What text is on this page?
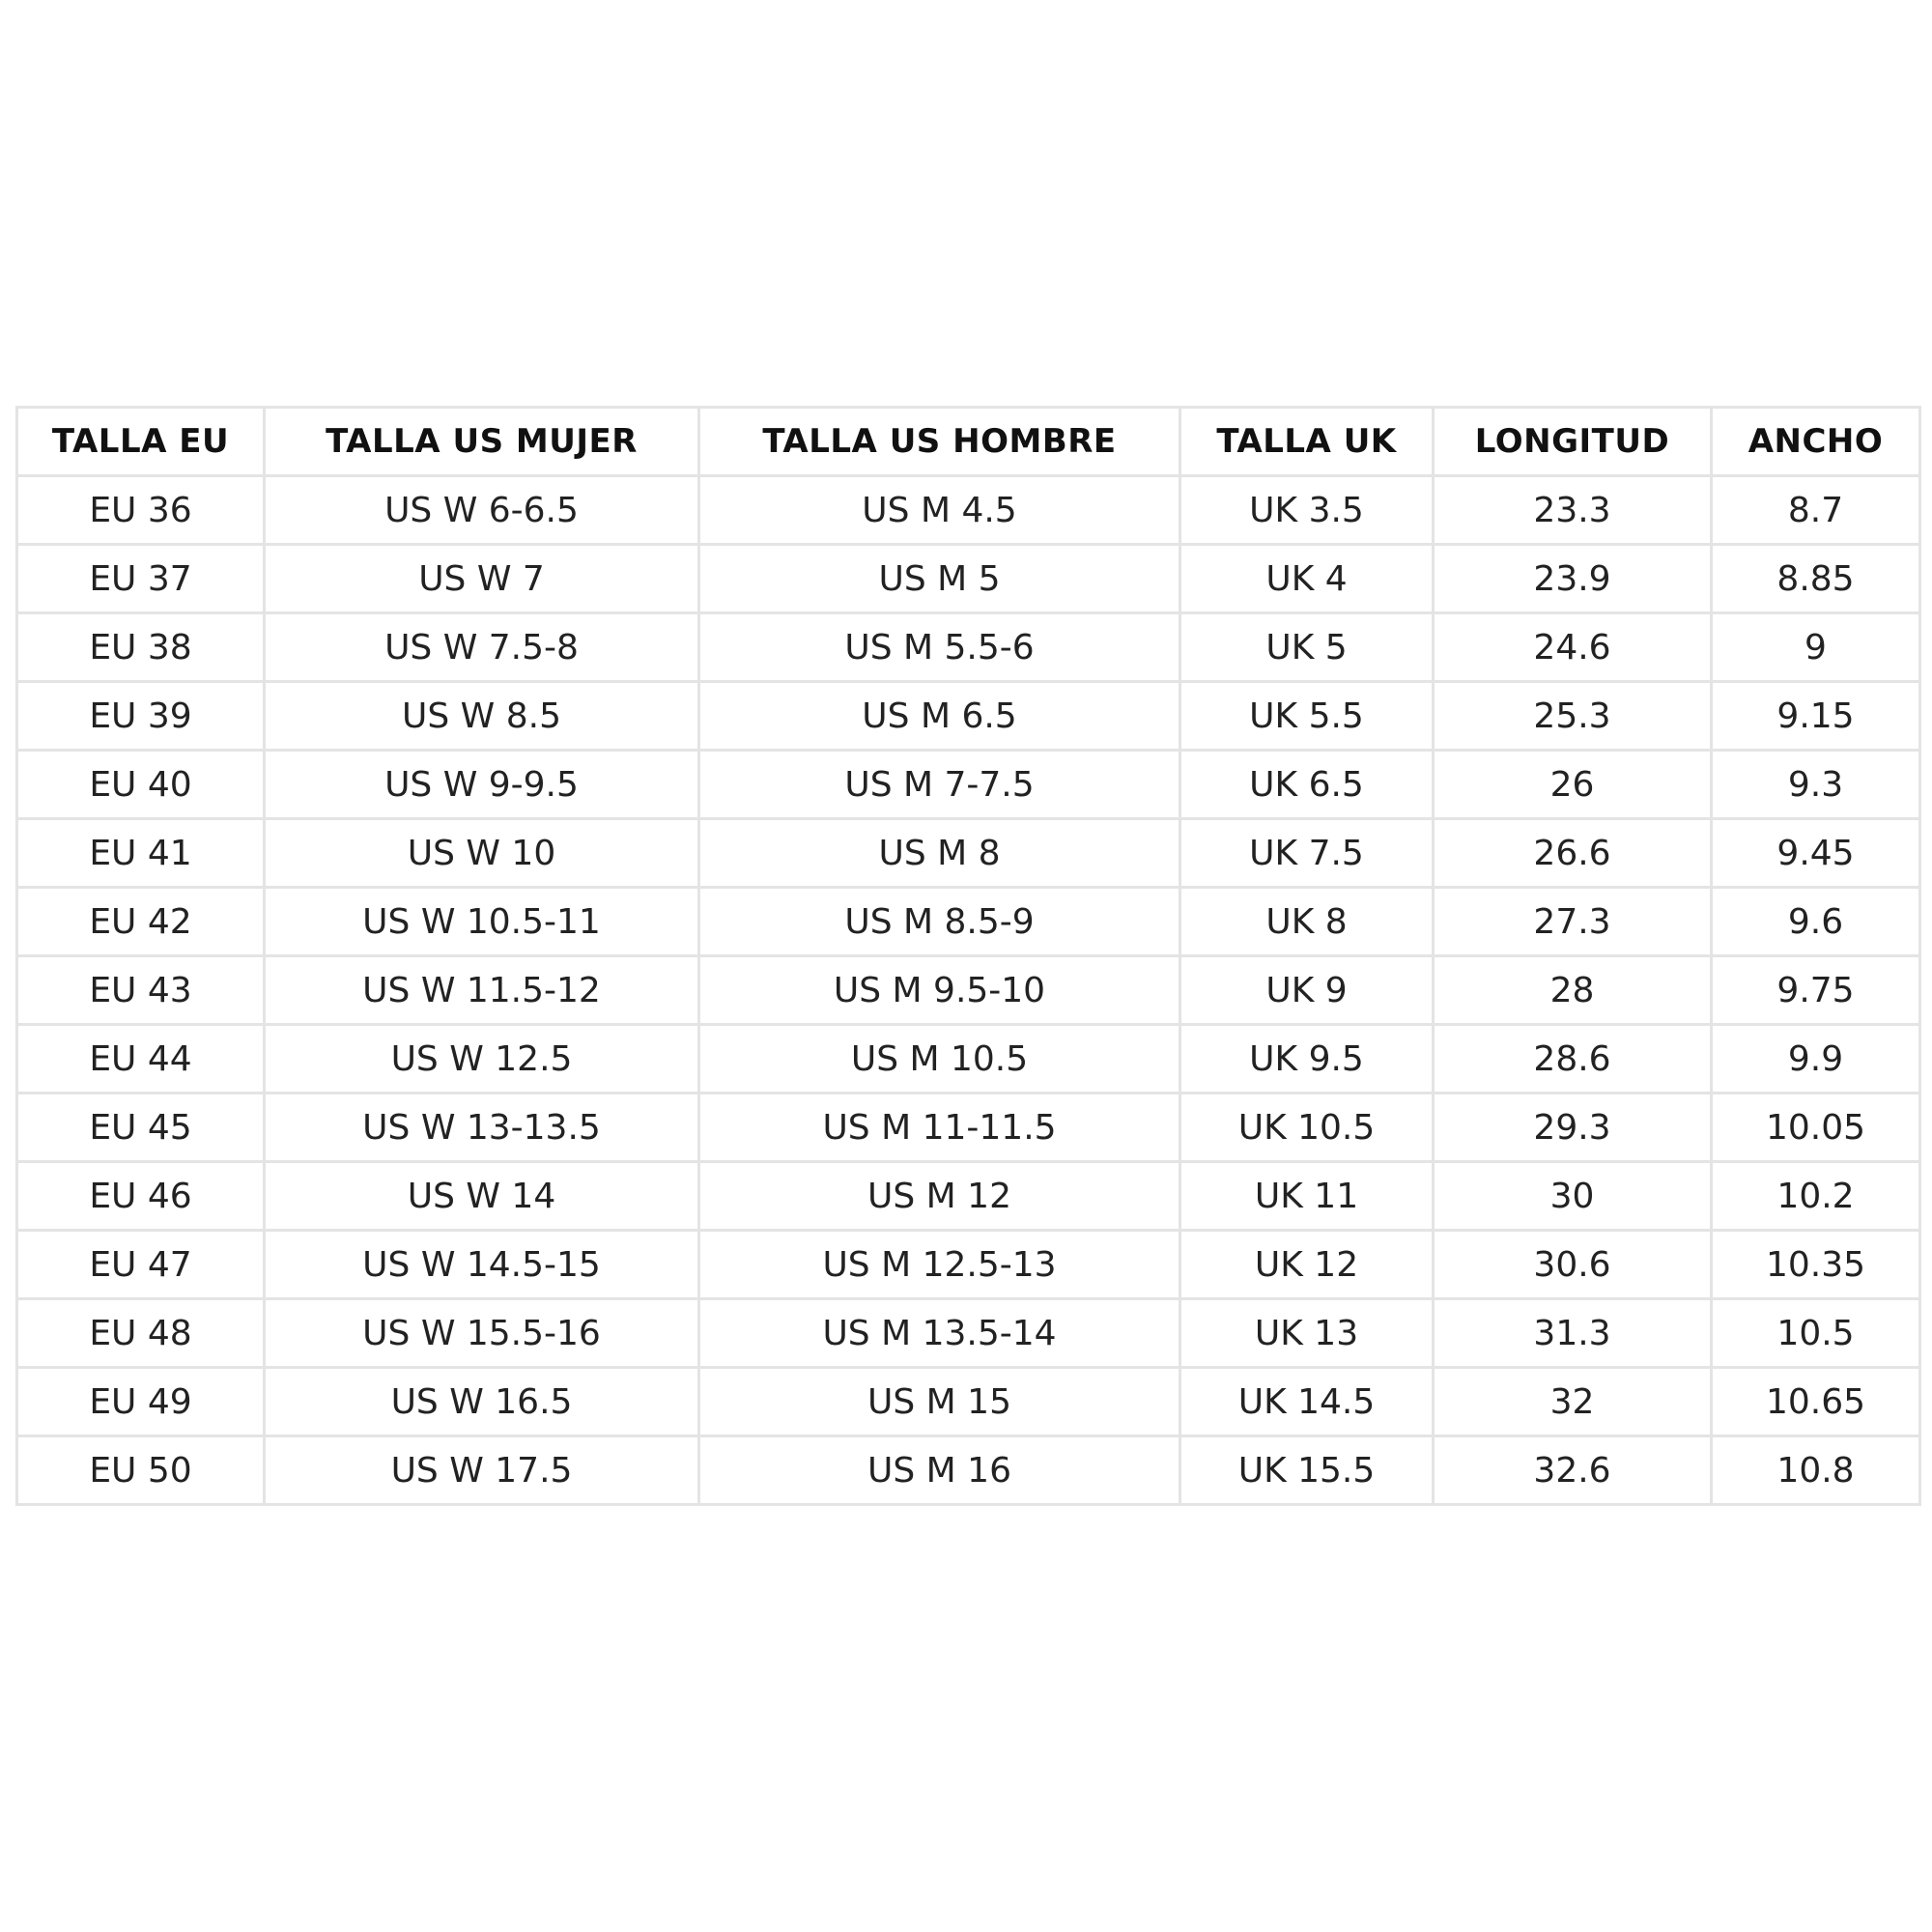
TALLA EU	TALLA US MUJER	TALLA US HOMBRE	TALLA UK	LONGITUD	ANCHO
EU 36	US W 6-6.5	US M 4.5	UK 3.5	23.3	8.7
EU 37	US W 7	US M 5	UK 4	23.9	8.85
EU 38	US W 7.5-8	US M 5.5-6	UK 5	24.6	9
EU 39	US W 8.5	US M 6.5	UK 5.5	25.3	9.15
EU 40	US W 9-9.5	US M 7-7.5	UK 6.5	26	9.3
EU 41	US W 10	US M 8	UK 7.5	26.6	9.45
EU 42	US W 10.5-11	US M 8.5-9	UK 8	27.3	9.6
EU 43	US W 11.5-12	US M 9.5-10	UK 9	28	9.75
EU 44	US W 12.5	US M 10.5	UK 9.5	28.6	9.9
EU 45	US W 13-13.5	US M 11-11.5	UK 10.5	29.3	10.05
EU 46	US W 14	US M 12	UK 11	30	10.2
EU 47	US W 14.5-15	US M 12.5-13	UK 12	30.6	10.35
EU 48	US W 15.5-16	US M 13.5-14	UK 13	31.3	10.5
EU 49	US W 16.5	US M 15	UK 14.5	32	10.65
EU 50	US W 17.5	US M 16	UK 15.5	32.6	10.8
